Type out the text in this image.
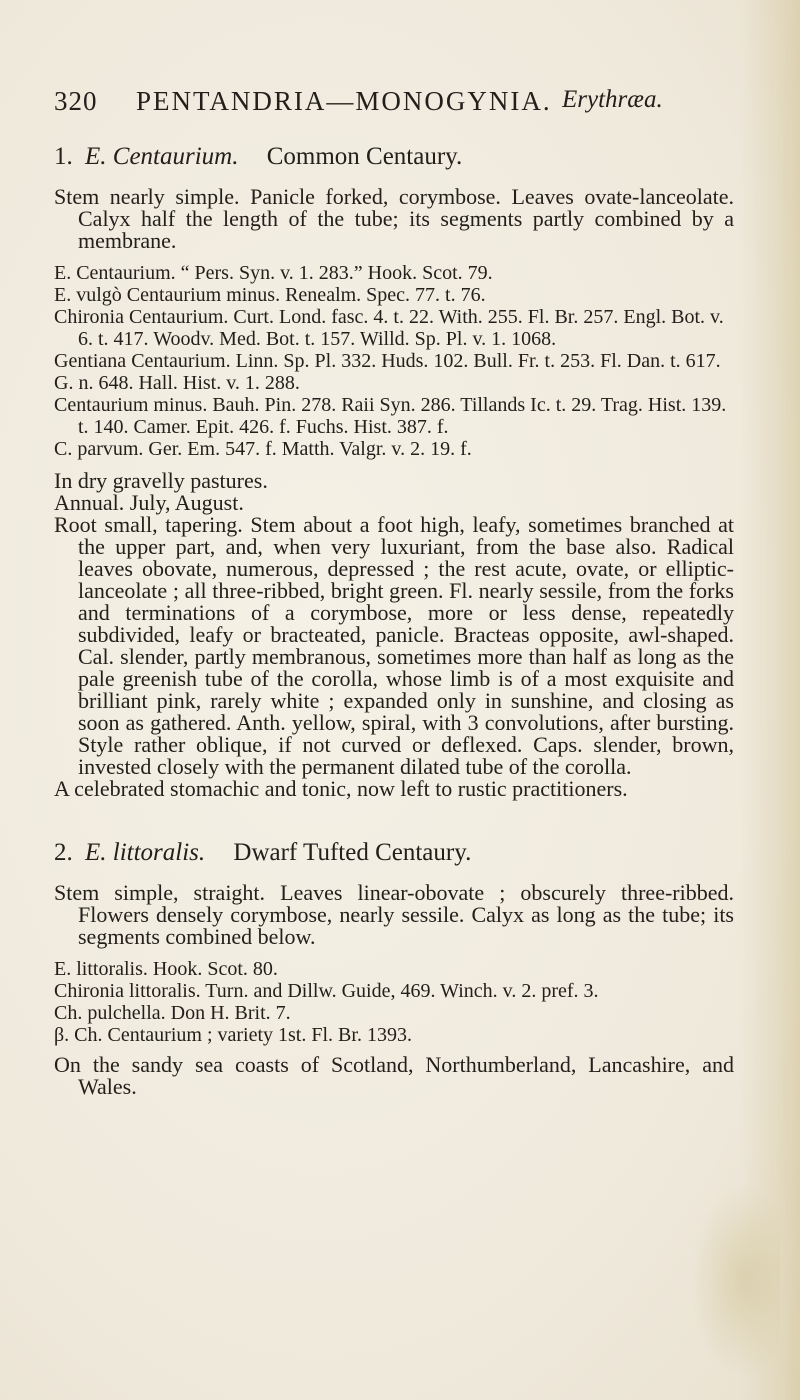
320 PENTANDRIA—MONOGYNIA. Erythræa.
1. E. Centaurium. Common Centaury.

Stem nearly simple. Panicle forked, corymbose. Leaves ovate-lanceolate. Calyx half the length of the tube; its segments partly combined by a membrane.

E. Centaurium. “ Pers. Syn. v. 1. 283.” Hook. Scot. 79.

E. vulgò Centaurium minus. Renealm. Spec. 77. t. 76.

Chironia Centaurium. Curt. Lond. fasc. 4. t. 22. With. 255. Fl. Br. 257. Engl. Bot. v. 6. t. 417. Woodv. Med. Bot. t. 157. Willd. Sp. Pl. v. 1. 1068.

Gentiana Centaurium. Linn. Sp. Pl. 332. Huds. 102. Bull. Fr. t. 253. Fl. Dan. t. 617.

G. n. 648. Hall. Hist. v. 1. 288.

Centaurium minus. Bauh. Pin. 278. Raii Syn. 286. Tillands Ic. t. 29. Trag. Hist. 139. t. 140. Camer. Epit. 426. f. Fuchs. Hist. 387. f.

C. parvum. Ger. Em. 547. f. Matth. Valgr. v. 2. 19. f.

In dry gravelly pastures.

Annual. July, August.

Root small, tapering. Stem about a foot high, leafy, sometimes branched at the upper part, and, when very luxuriant, from the base also. Radical leaves obovate, numerous, depressed ; the rest acute, ovate, or elliptic-lanceolate ; all three-ribbed, bright green. Fl. nearly sessile, from the forks and terminations of a corymbose, more or less dense, repeatedly subdivided, leafy or bracteated, panicle. Bracteas opposite, awl-shaped. Cal. slender, partly membranous, sometimes more than half as long as the pale greenish tube of the corolla, whose limb is of a most exquisite and brilliant pink, rarely white ; expanded only in sunshine, and closing as soon as gathered. Anth. yellow, spiral, with 3 convolutions, after bursting. Style rather oblique, if not curved or deflexed. Caps. slender, brown, invested closely with the permanent dilated tube of the corolla.

A celebrated stomachic and tonic, now left to rustic practitioners.

2. E. littoralis. Dwarf Tufted Centaury.

Stem simple, straight. Leaves linear-obovate ; obscurely three-ribbed. Flowers densely corymbose, nearly sessile. Calyx as long as the tube; its segments combined below.

E. littoralis. Hook. Scot. 80.

Chironia littoralis. Turn. and Dillw. Guide, 469. Winch. v. 2. pref. 3.

Ch. pulchella. Don H. Brit. 7.

β. Ch. Centaurium ; variety 1st. Fl. Br. 1393.

On the sandy sea coasts of Scotland, Northumberland, Lancashire, and Wales.
